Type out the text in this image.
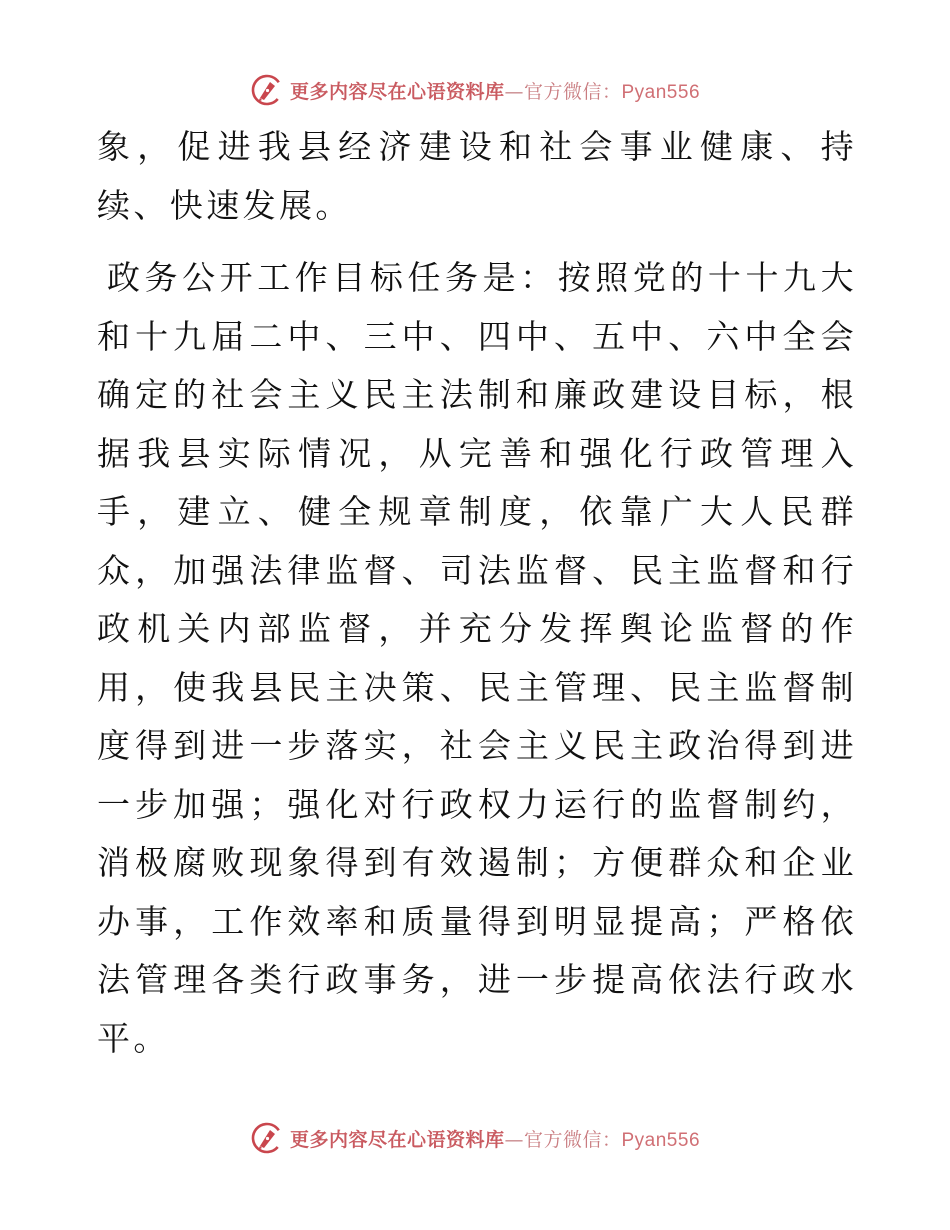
更多内容尽在心语资料库—官方微信：Pyan556

象，促进我县经济建设和社会事业健康、持续、快速发展。

政务公开工作目标任务是：按照党的十十九大和十九届二中、三中、四中、五中、六中全会确定的社会主义民主法制和廉政建设目标，根据我县实际情况，从完善和强化行政管理入手，建立、健全规章制度，依靠广大人民群众，加强法律监督、司法监督、民主监督和行政机关内部监督，并充分发挥舆论监督的作用，使我县民主决策、民主管理、民主监督制度得到进一步落实，社会主义民主政治得到进一步加强；强化对行政权力运行的监督制约，消极腐败现象得到有效遏制；方便群众和企业办事，工作效率和质量得到明显提高；严格依法管理各类行政事务，进一步提高依法行政水平。

更多内容尽在心语资料库—官方微信：Pyan556
